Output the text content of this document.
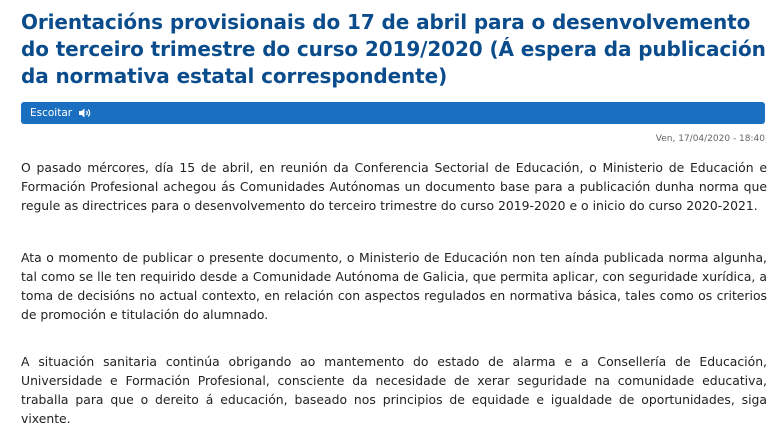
Orientacións provisionais do 17 de abril para o desenvolvemento do terceiro trimestre do curso 2019/2020 (Á espera da publicación da normativa estatal correspondente)
Escoitar
Ven, 17/04/2020 - 18:40

O pasado mércores, día 15 de abril, en reunión da Conferencia Sectorial de Educación, o Ministerio de Educación e Formación Profesional achegou ás Comunidades Autónomas un documento base para a publicación dunha norma que regule as directrices para o desenvolvemento do terceiro trimestre do curso 2019-2020 e o inicio do curso 2020-2021.

Ata o momento de publicar o presente documento, o Ministerio de Educación non ten aínda publicada norma algunha, tal como se lle ten requirido desde a Comunidade Autónoma de Galicia, que permita aplicar, con seguridade xurídica, a toma de decisións no actual contexto, en relación con aspectos regulados en normativa básica, tales como os criterios de promoción e titulación do alumnado.

A situación sanitaria continúa obrigando ao mantemento do estado de alarma e a Consellería de Educación, Universidade e Formación Profesional, consciente da necesidade de xerar seguridade na comunidade educativa, traballa para que o dereito á educación, baseado nos principios de equidade e igualdade de oportunidades, siga vixente.
